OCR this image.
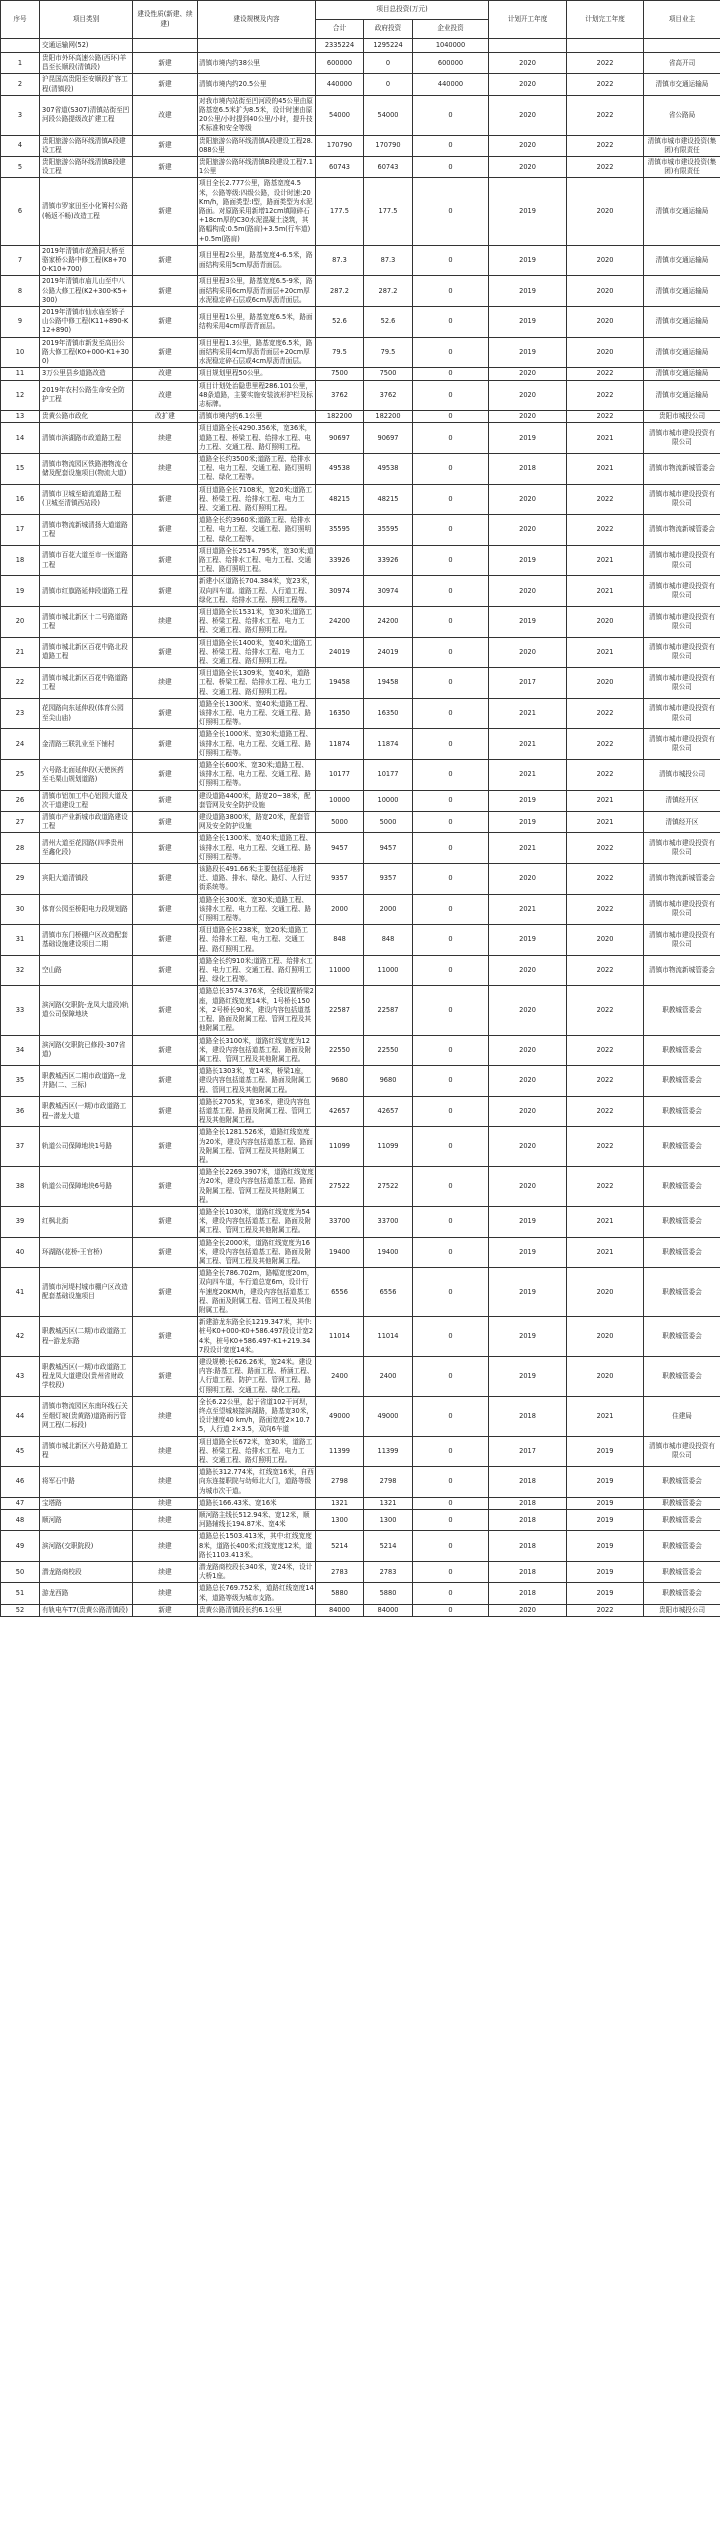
序号	项目类别	建设性质(新建、续建)	建设规模及内容	项目总投资(万元)			计划开工年度	计划完工年度	项目业主
				合计	政府投资	企业投资			
	交通运输网(52)			2335224	1295224	1040000			
1	贵阳市外环高速公路(西环)羊昌至长顺段(清镇段)	新建	清镇市境内约38公里	600000	0	600000	2020	2022	省高开司
2	沪昆国高贵阳至安顺段扩容工程(清镇段)	新建	清镇市境内约20.5公里	440000	0	440000	2020	2022	清镇市交通运输局
3	307省道(S307)清镇站街至凹河段公路提级改扩建工程	改建	对我市境内站街至凹河段的45公里由原路基宽6.5米扩为8.5米，设计时速由原20公里/小时提到40公里/小时，提升技术标准和安全等级	54000	54000	0	2020	2022	省公路局
4	贵阳旅游公路环线清镇A段建设工程	新建	贵阳旅游公路环线清镇A段建设工程28.088公里	170790	170790	0	2020	2022	清镇市城市建设投资(集团)有限责任
5	贵阳旅游公路环线清镇B段建设工程	新建	贵阳旅游公路环线清镇B段建设工程7.11公里	60743	60743	0	2020	2022	清镇市城市建设投资(集团)有限责任
6	清镇市罗家田至小化箐村公路(畅返不畅)改造工程	新建	项目全长2.777公里，路基宽度4.5米，公路等级:四级公路，设计时速:20Km/h，路面类型:I型，路面类型为水泥路面。对原路采用新增12cm填隙碎石+18cm厚的C30水泥混凝土浇筑，其路幅构成:0.5m(路肩)+3.5m(行车道)+0.5m(路肩)	177.5	177.5	0	2019	2020	清镇市交通运输局
7	2019年清镇市花渔洞大桥至骆家桥公路中修工程(K8+700-K10+700)	新建	项目里程2公里，路基宽度4-6.5米，路面结构采用5cm厚沥青面层。	87.3	87.3	0	2019	2020	清镇市交通运输局
8	2019年清镇市庙儿山至中八公路大修工程(K2+300-K5+300)	新建	项目里程3公里，路基宽度6.5-9米，路面结构采用6cm厚沥青面层+20cm厚水泥稳定碎石层或6cm厚沥青面层。	287.2	287.2	0	2019	2020	清镇市交通运输局
9	2019年清镇市仙水庙至轿子山公路中修工程(K11+890-K12+890)	新建	项目里程1公里，路基宽度6.5米，路面结构采用4cm厚沥青面层。	52.6	52.6	0	2019	2020	清镇市交通运输局
10	2019年清镇市新发至高田公路大修工程(K0+000-K1+300)	新建	项目里程1.3公里，路基宽度6.5米，路面结构采用4cm厚沥青面层+20cm厚水泥稳定碎石层或4cm厚沥青面层。	79.5	79.5	0	2019	2020	清镇市交通运输局
11	3万公里县乡道路改造	改建	项目规划里程50公里。	7500	7500	0	2020	2022	清镇市交通运输局
12	2019年农村公路生命安全防护工程	改建	项目计划处治隐患里程286.101公里，48条道路，主要实施安装波形护栏及标志标牌。	3762	3762	0	2020	2022	清镇市交通运输局
13	贵黄公路市政化	改扩建	清镇市境内约6.1公里	182200	182200	0	2020	2022	贵阳市城投公司
14	清镇市滨湖路市政道路工程	续建	项目道路全长4290.356米，宽36米，道路工程、桥梁工程、给排水工程、电力工程、交通工程、路灯照明工程。	90697	90697	0	2019	2021	清镇市城市建设投资有限公司
15	清镇市物流园区铁路港物流仓储及配套设施项目(物流大道)	续建	道路全长约3500米;道路工程、给排水工程、电力工程、交通工程、路灯照明工程、绿化工程等。	49538	49538	0	2018	2021	清镇市物流新城管委会
16	清镇市卫城至暗流道路工程(卫城至清镇西站段)	新建	项目道路全长7108米，宽20米;道路工程、桥梁工程、给排水工程、电力工程、交通工程、路灯照明工程。	48215	48215	0	2020	2022	清镇市城市建设投资有限公司
17	清镇市物流新城清扬大道道路工程	新建	道路全长约3960米;道路工程、给排水工程、电力工程、交通工程、路灯照明工程、绿化工程等。	35595	35595	0	2020	2022	清镇市物流新城管委会
18	清镇市百花大道至市一医道路工程	新建	项目道路全长2514.795米，宽30米;道路工程、给排水工程、电力工程、交通工程、路灯照明工程。	33926	33926	0	2019	2021	清镇市城市建设投资有限公司
19	清镇市红旗路延伸段道路工程	新建	新建小区道路长704.384米，宽23米，双向四车道。道路工程、人行道工程、绿化工程、给排水工程、照明工程等。	30974	30974	0	2020	2021	清镇市城市建设投资有限公司
20	清镇市城北新区十二号路道路工程	续建	项目道路全长1531米，宽30米;道路工程、桥梁工程、给排水工程、电力工程、交通工程、路灯照明工程。	24200	24200	0	2019	2020	清镇市城市建设投资有限公司
21	清镇市城北新区百花中路北段道路工程	新建	项目道路全长1400米，宽40米;道路工程、桥梁工程、给排水工程、电力工程、交通工程、路灯照明工程。	24019	24019	0	2020	2021	清镇市城市建设投资有限公司
22	清镇市城北新区百花中路道路工程	续建	项目道路全长1309米，宽40米，道路工程、桥梁工程、给排水工程、电力工程、交通工程、路灯照明工程。	19458	19458	0	2017	2020	清镇市城市建设投资有限公司
23	花园路向东延伸段(体育公园至尖山庙)	新建	道路全长1300米、宽40米;道路工程、该排水工程、电力工程、交通工程、路灯照明工程等。	16350	16350	0	2021	2022	清镇市城市建设投资有限公司
24	金清路三联乳业至下铺村	新建	道路全长1000米、宽30米;道路工程、该排水工程、电力工程、交通工程、路灯照明工程等。	11874	11874	0	2021	2022	清镇市城市建设投资有限公司
25	六号路北面延伸段(天使医药至毛栗山规划道路)	新建	道路全长600米、宽30米;道路工程、该排水工程、电力工程、交通工程、路灯照明工程等。	10177	10177	0	2021	2022	清镇市城投公司
26	清镇市铝加工中心铝园大道及次干道建设工程	新建	建设道路4400米，路宽20~38米，配套管网及安全防护设施	10000	10000	0	2019	2021	清镇经开区
27	清镇市产业新城市政道路建设工程	新建	建设道路3800米，路宽20米，配套管网及安全防护设施	5000	5000	0	2019	2021	清镇经开区
28	清州大道至花园路(四季贵州至鑫化段)	新建	道路全长1300米、宽40米;道路工程、该排水工程、电力工程、交通工程、路灯照明工程等。	9457	9457	0	2021	2022	清镇市城市建设投资有限公司
29	宾阳大道清镇段	新建	该路段长491.66米;主要包括征地拆迁、道路、排水、绿化、路灯、人行过街系统等。	9357	9357	0	2020	2022	清镇市物流新城管委会
30	体育公园至桥阳电力段规划路	新建	道路全长300米、宽30米;道路工程、该排水工程、电力工程、交通工程、路灯照明工程等。	2000	2000	0	2021	2022	清镇市城市建设投资有限公司
31	清镇市东门桥棚户区改造配套基础设施建设项目二期	新建	项目道路全长238米，宽20米;道路工程、给排水工程、电力工程、交通工程、路灯照明工程。	848	848	0	2019	2020	清镇市城市建设投资有限公司
32	空山路	新建	道路全长约910米;道路工程、给排水工程、电力工程、交通工程、路灯照明工程、绿化工程等。	11000	11000	0	2020	2022	清镇市物流新城管委会
33	滨河路(交职院-龙凤大道段)轨道公司保障地块	新建	道路总长3574.376米，全线设置桥梁2座，道路红线宽度14米，1号桥长150米，2号桥长90米，建设内容包括道基工程、路面及附属工程、管网工程及其他附属工程。	22587	22587	0	2020	2022	职教城管委会
34	滨河路(交职院已修段-307省道)	新建	道路全长3100米，道路红线宽度为12米，建设内容包括道基工程、路面及附属工程、管网工程及其他附属工程。	22550	22550	0	2020	2022	职教城管委会
35	职教城西区二期市政道路--龙井路(二、三标)	新建	道路长1303米，宽14米，桥梁1座，建设内容包括道基工程、路面及附属工程、管网工程及其他附属工程。	9680	9680	0	2020	2022	职教城管委会
36	职教城西区(一期)市政道路工程--潜龙大道	新建	道路长2705米，宽36米，建设内容包括道基工程、路面及附属工程、管网工程及其他附属工程。	42657	42657	0	2020	2022	职教城管委会
37	轨道公司保障地块1号路	新建	道路全长1281.526米，道路红线宽度为20米，建设内容包括道基工程、路面及附属工程、管网工程及其他附属工程。	11099	11099	0	2020	2022	职教城管委会
38	轨道公司保障地块6号路	新建	道路全长2269.3907米，道路红线宽度为20米，建设内容包括道基工程、路面及附属工程、管网工程及其他附属工程。	27522	27522	0	2020	2022	职教城管委会
39	红枫北街	新建	道路全长1030米，道路红线宽度为54米，建设内容包括道基工程、路面及附属工程、管网工程及其他附属工程。	33700	33700	0	2019	2021	职教城管委会
40	环湖路(花桥-王官桥)	新建	道路全长2000米，道路红线宽度为16米，建设内容包括道基工程、路面及附属工程、管网工程及其他附属工程。	19400	19400	0	2019	2021	职教城管委会
41	清镇市河堤村城市棚户区改造配套基础设施项目	新建	道路全长786.702m，路幅宽度20m，双向四车道，车行道总宽6m，设计行车速度20KM/h，建设内容包括道基工程、路面及附属工程、管网工程及其他附属工程。	6556	6556	0	2019	2020	职教城管委会
42	职教城西区(二期)市政道路工程--游龙东路	新建	新建游龙东路全长1219.347米，其中:桩号K0+000-K0+586.497段设计宽24米，桩号K0+586.497-K1+219.347段设计宽度14米。	11014	11014	0	2019	2020	职教城管委会
43	职教城西区(一期)市政道路工程龙凤大道建设(贵州省财政学校段)	新建	建设规模:长626.26米，宽24米。建设内容:路基工程、路面工程、桥涵工程、人行道工程、防护工程、管网工程、路灯照明工程、交通工程、绿化工程。	2400	2400	0	2019	2020	职教城管委会
44	清镇市物流园区东南环线石关至烟灯坡(贵黄路)道路雨污管网工程(二标段)	续建	全长6.22公里，起于省道102干河坝，终点至望城坡接滨湖路，路基宽30米，设计速度40 km/h，路面宽度2×10.75，人行道 2×3.5，双向6车道	49000	49000	0	2018	2021	住建局
45	清镇市城北新区六号路道路工程	续建	项目道路全长672米，宽30米，道路工程、桥梁工程、给排水工程、电力工程、交通工程、路灯照明工程。	11399	11399	0	2017	2019	清镇市城市建设投资有限公司
46	将军石中路	续建	道路长312.774米，红线宽16米，自西向东连接职院与幼师北大门，道路等级为城市次干道。	2798	2798	0	2018	2019	职教城管委会
47	宝塔路	续建	道路长166.43米、宽16米	1321	1321	0	2018	2019	职教城管委会
48	顺河路	续建	顺河路主线长512.94米、宽12米，顺河路辅线长194.87米、宽4米	1300	1300	0	2018	2019	职教城管委会
49	滨河路(交职院段)	续建	道路总长1503.413米，其中:红线宽度8米，道路长400米;红线宽度12米，道路长1103.413米。	5214	5214	0	2018	2019	职教城管委会
50	潜龙路商校段	续建	潜龙路商校段长340米，宽24米，设计大桥1座。	2783	2783	0	2018	2019	职教城管委会
51	游龙西路	续建	道路总长769.752米，道路红线宽度14米，道路等级为城市支路。	5880	5880	0	2018	2019	职教城管委会
52	有轨电车T7(贵黄公路清镇段)	新建	贵黄公路清镇段长约6.1公里	84000	84000	0	2020	2022	贵阳市城投公司
